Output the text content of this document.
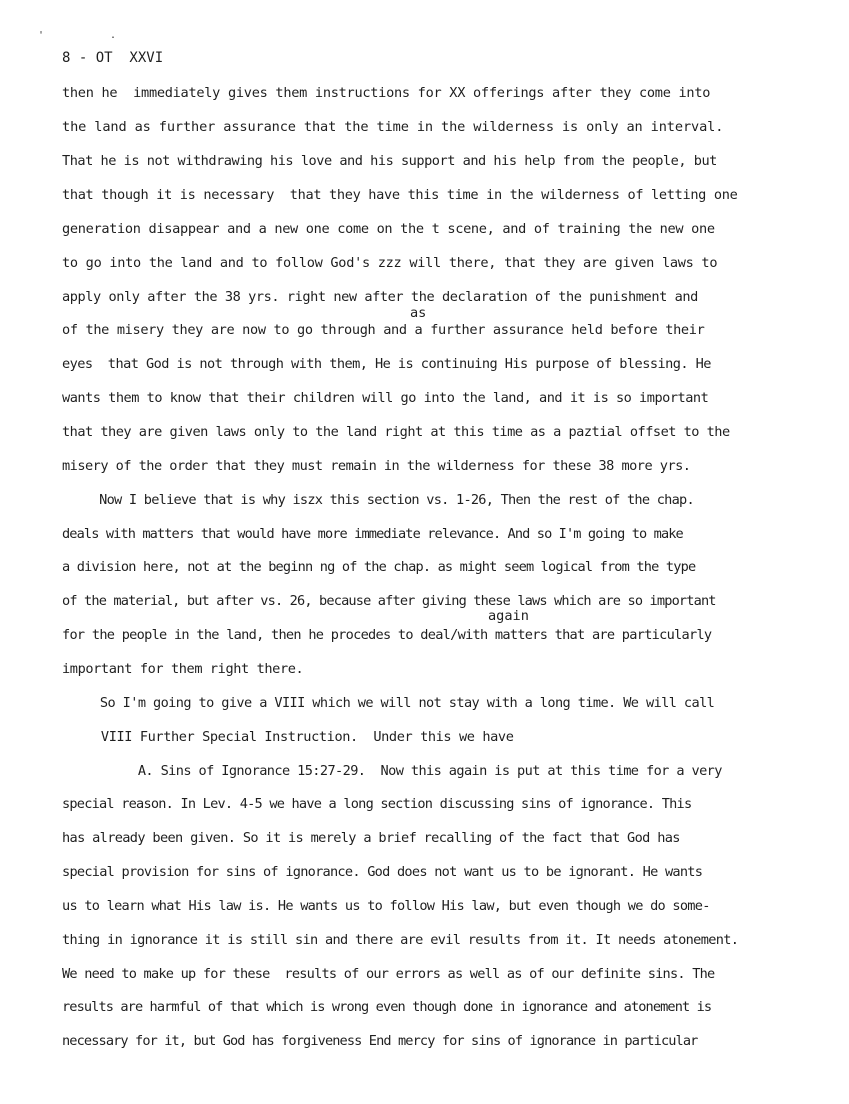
' .
8 - OT  XXVI
as
again
then he  immediately gives them instructions for XX offerings after they come into
the land as further assurance that the time in the wilderness is only an interval.
That he is not withdrawing his love and his support and his help from the people, but
that though it is necessary  that they have this time in the wilderness of letting one
generation disappear and a new one come on the t scene, and of training the new one
to go into the land and to follow God's zzz will there, that they are given laws to
apply only after the 38 yrs. right new after the declaration of the punishment and
of the misery they are now to go through and a further assurance held before their
eyes  that God is not through with them, He is continuing His purpose of blessing. He
wants them to know that their children will go into the land, and it is so important
that they are given laws only to the land right at this time as a paztial offset to the
misery of the order that they must remain in the wilderness for these 38 more yrs.
Now I believe that is why iszx this section vs. 1-26, Then the rest of the chap.
deals with matters that would have more immediate relevance. And so I'm going to make
a division here, not at the beginn ng of the chap. as might seem logical from the type
of the material, but after vs. 26, because after giving these laws which are so important
for the people in the land, then he procedes to deal/with matters that are particularly
important for them right there.
So I'm going to give a VIII which we will not stay with a long time. We will call
VIII Further Special Instruction.  Under this we have
A. Sins of Ignorance 15:27-29.  Now this again is put at this time for a very
special reason. In Lev. 4-5 we have a long section discussing sins of ignorance. This
has already been given. So it is merely a brief recalling of the fact that God has
special provision for sins of ignorance. God does not want us to be ignorant. He wants
us to learn what His law is. He wants us to follow His law, but even though we do some-
thing in ignorance it is still sin and there are evil results from it. It needs atonement.
We need to make up for these  results of our errors as well as of our definite sins. The
results are harmful of that which is wrong even though done in ignorance and atonement is
necessary for it, but God has forgiveness End mercy for sins of ignorance in particular
